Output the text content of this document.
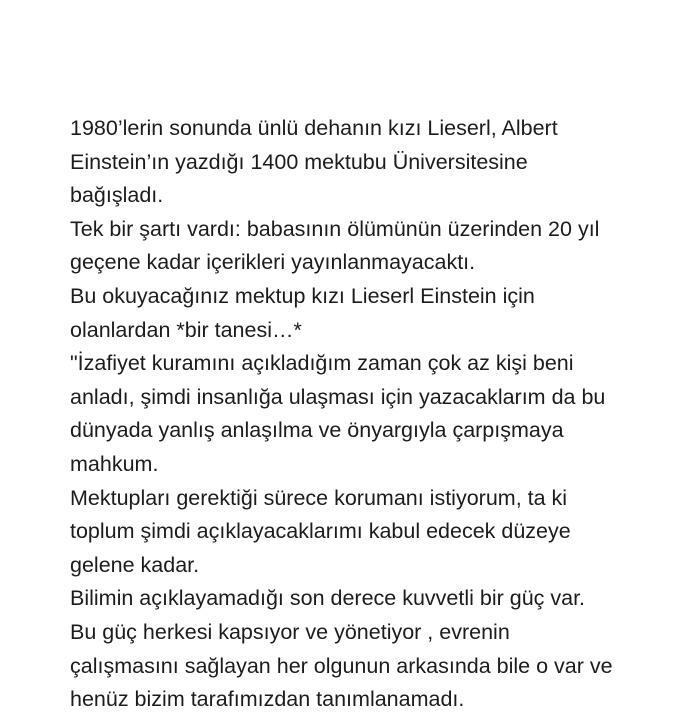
1980’lerin sonunda ünlü dehanın kızı Lieserl, Albert
Einstein’ın yazdığı 1400 mektubu Üniversitesine
bağışladı.
Tek bir şartı vardı: babasının ölümünün üzerinden 20 yıl
geçene kadar içerikleri yayınlanmayacaktı.
Bu okuyacağınız mektup kızı Lieserl Einstein için
olanlardan *bir tanesi…*
"İzafiyet kuramını açıkladığım zaman çok az kişi beni
anladı, şimdi insanlığa ulaşması için yazacaklarım da bu
dünyada yanlış anlaşılma ve önyargıyla çarpışmaya
mahkum.
Mektupları gerektiği sürece korumanı istiyorum, ta ki
toplum şimdi açıklayacaklarımı kabul edecek düzeye
gelene kadar.
Bilimin açıklayamadığı son derece kuvvetli bir güç var.
Bu güç herkesi kapsıyor ve yönetiyor , evrenin
çalışmasını sağlayan her olgunun arkasında bile o var ve
henüz bizim tarafımızdan tanımlanamadı.
